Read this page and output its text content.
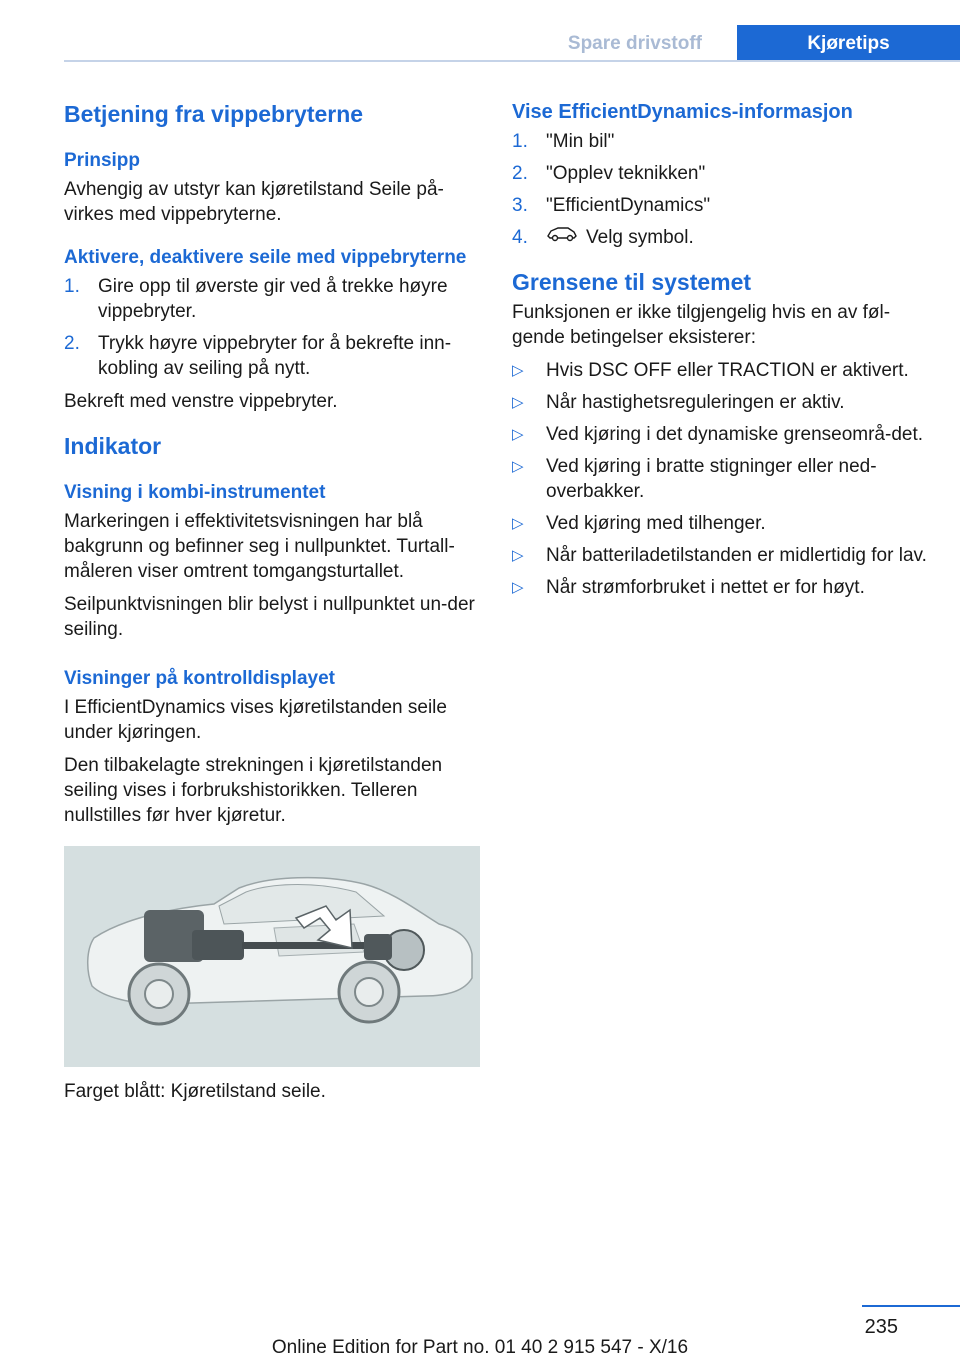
Spare drivstoff	Kjøretips
Betjening fra vippebryterne
Prinsipp
Avhengig av utstyr kan kjøretilstand Seile på-virkes med vippebryterne.
Aktivere, deaktivere seile med vippebryterne
1. Gire opp til øverste gir ved å trekke høyre vippebryter.
2. Trykk høyre vippebryter for å bekrefte inn-kobling av seiling på nytt.
Bekreft med venstre vippebryter.
Indikator
Visning i kombi-instrumentet
Markeringen i effektivitetsvisningen har blå bakgrunn og befinner seg i nullpunktet. Turtall-måleren viser omtrent tomgangsturtallet.
Seilpunktvisningen blir belyst i nullpunktet un-der seiling.
Visninger på kontrolldisplayet
I EfficientDynamics vises kjøretilstanden seile under kjøringen.
Den tilbakelagte strekningen i kjøretilstanden seiling vises i forbrukshistorikken. Telleren nullstilles før hver kjøretur.
Farget blått: Kjøretilstand seile.
Vise EfficientDynamics-informasjon
1. "Min bil"
2. "Opplev teknikken"
3. "EfficientDynamics"
4.	Velg symbol.
Grensene til systemet
Funksjonen er ikke tilgjengelig hvis en av føl-gende betingelser eksisterer:
▷ Hvis DSC OFF eller TRACTION er aktivert.
▷ Når hastighetsreguleringen er aktiv.
▷ Ved kjøring i det dynamiske grenseområ-det.
▷ Ved kjøring i bratte stigninger eller ned-overbakker.
▷ Ved kjøring med tilhenger.
▷ Når batteriladetilstanden er midlertidig for lav.
▷ Når strømforbruket i nettet er for høyt.
235
Online Edition for Part no. 01 40 2 915 547 - X/16
